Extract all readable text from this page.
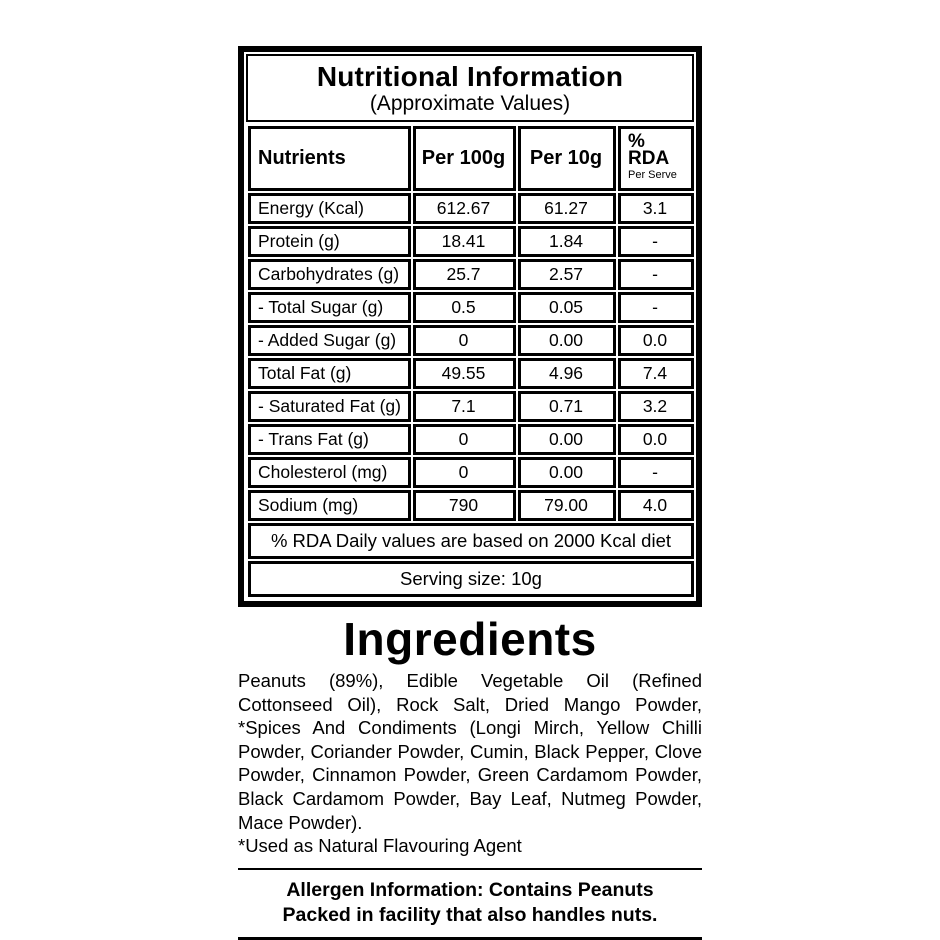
Nutritional Information
(Approximate Values)
Nutrients	Per 100g	Per 10g	% RDA
Per Serve

Energy (Kcal)	612.67	61.27	3.1
Protein (g)	18.41	1.84	-
Carbohydrates (g)	25.7	2.57	-
- Total Sugar (g)	0.5	0.05	-
- Added Sugar (g)	0	0.00	0.0
Total Fat (g)	49.55	4.96	7.4
- Saturated Fat (g)	7.1	0.71	3.2
- Trans Fat (g)	0	0.00	0.0
Cholesterol (mg)	0	0.00	-
Sodium (mg)	790	79.00	4.0
% RDA Daily values are based on 2000 Kcal diet			
Serving size: 10g			
Ingredients
Peanuts (89%), Edible Vegetable Oil (Refined Cottonseed Oil), Rock Salt, Dried Mango Powder, *Spices And Condiments (Longi Mirch, Yellow Chilli Powder, Coriander Powder, Cumin, Black Pepper, Clove Powder, Cinnamon Powder, Green Cardamom Powder, Black Cardamom Powder, Bay Leaf, Nutmeg Powder, Mace Powder).
*Used as Natural Flavouring Agent
Allergen Information: Contains Peanuts
Packed in facility that also handles nuts.
